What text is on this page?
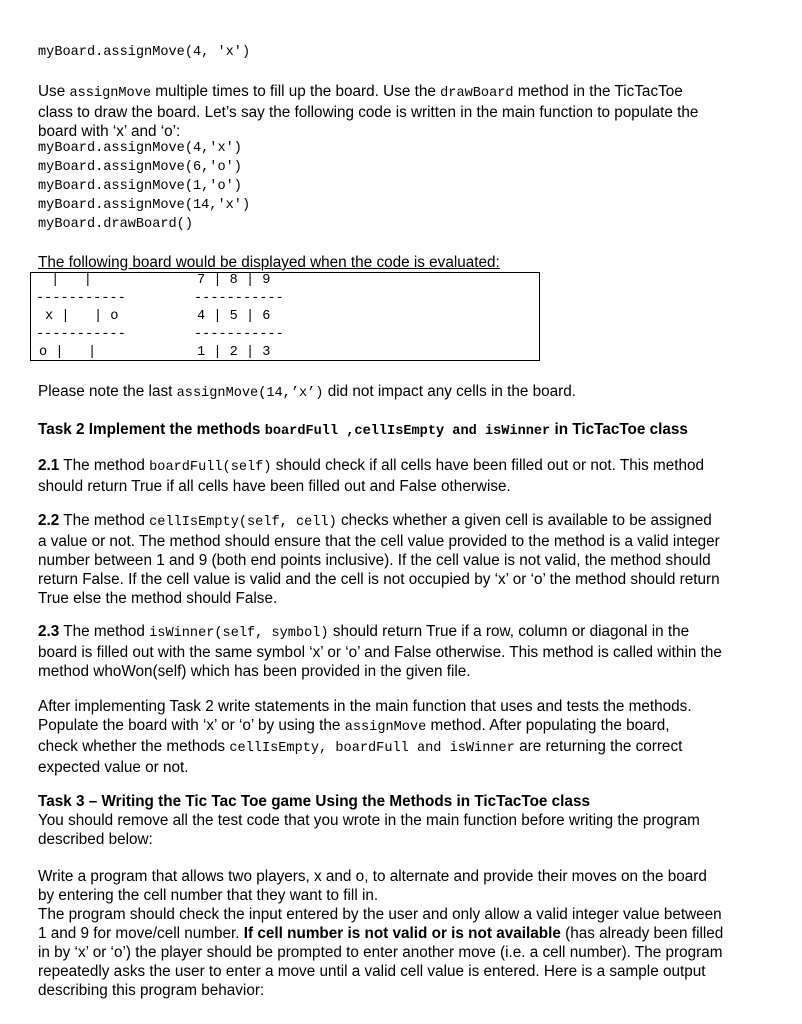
myBoard.assignMove(4, 'x')

Use assignMove multiple times to fill up the board. Use the drawBoard method in the TicTacToe

class to draw the board. Let’s say the following code is written in the main function to populate the

board with ‘x’ and ‘o’:

myBoard.assignMove(4,'x')
myBoard.assignMove(6,'o')
myBoard.assignMove(1,'o')
myBoard.assignMove(14,'x')
myBoard.drawBoard()
The following board would be displayed when the code is evaluated:
|   |
-----------
x |   | o
-----------
o |   |
7 | 8 | 9
-----------
4 | 5 | 6
-----------
1 | 2 | 3

Please note the last assignMove(14,’x’) did not impact any cells in the board.

Task 2 Implement the methods boardFull ,cellIsEmpty and isWinner in TicTacToe class

2.1 The method boardFull(self) should check if all cells have been filled out or not. This method

should return True if all cells have been filled out and False otherwise.

2.2 The method cellIsEmpty(self, cell) checks whether a given cell is available to be assigned

a value or not. The method should ensure that the cell value provided to the method is a valid integer

number between 1 and 9 (both end points inclusive). If the cell value is not valid, the method should

return False. If the cell value is valid and the cell is not occupied by ‘x’ or ‘o’ the method should return

True else the method should False.

2.3 The method isWinner(self, symbol) should return True if a row, column or diagonal in the

board is filled out with the same symbol ‘x’ or ‘o’ and False otherwise. This method is called within the

method whoWon(self) which has been provided in the given file.

After implementing Task 2 write statements in the main function that uses and tests the methods.

Populate the board with ‘x’ or ‘o’ by using the assignMove method. After populating the board,

check whether the methods cellIsEmpty, boardFull and isWinner are returning the correct

expected value or not.

Task 3 – Writing the Tic Tac Toe game Using the Methods in TicTacToe class

You should remove all the test code that you wrote in the main function before writing the program

described below:

Write a program that allows two players, x and o, to alternate and provide their moves on the board

by entering the cell number that they want to fill in.

The program should check the input entered by the user and only allow a valid integer value between

1 and 9 for move/cell number. If cell number is not valid or is not available (has already been filled

in by ‘x’ or ‘o’) the player should be prompted to enter another move (i.e. a cell number). The program

repeatedly asks the user to enter a move until a valid cell value is entered. Here is a sample output

describing this program behavior:
